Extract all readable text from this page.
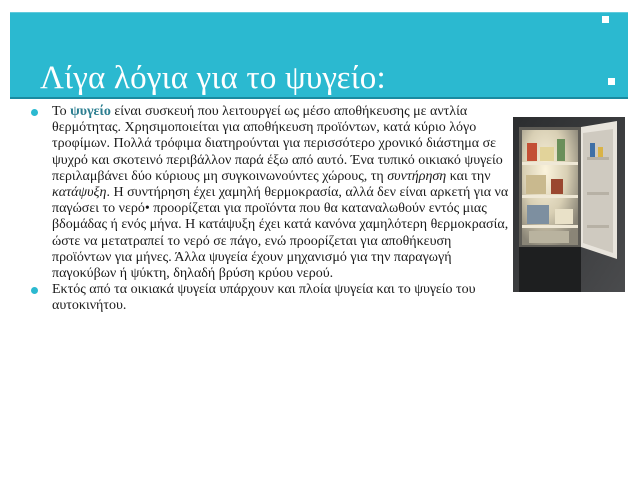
Λίγα λόγια για το ψυγείο:
Το ψυγείο είναι συσκευή που λειτουργεί ως μέσο αποθήκευσης με αντλία θερμότητας. Χρησιμοποιείται για αποθήκευση προϊόντων, κατά κύριο λόγο τροφίμων. Πολλά τρόφιμα διατηρούνται για περισσότερο χρονικό διάστημα σε ψυχρό και σκοτεινό περιβάλλον παρά έξω από αυτό. Ένα τυπικό οικιακό ψυγείο περιλαμβάνει δύο κύριους μη συγκοινωνούντες χώρους, τη συντήρηση και την κατάψυξη. Η συντήρηση έχει χαμηλή θερμοκρασία, αλλά δεν είναι αρκετή για να παγώσει το νερό• προορίζεται για προϊόντα που θα καταναλωθούν εντός μιας βδομάδας ή ενός μήνα. Η κατάψυξη έχει κατά κανόνα χαμηλότερη θερμοκρασία, ώστε να μετατραπεί το νερό σε πάγο, ενώ προορίζεται για αποθήκευση προϊόντων για μήνες. Άλλα ψυγεία έχουν μηχανισμό για την παραγωγή παγοκύβων ή ψύκτη, δηλαδή βρύση κρύου νερού.
Εκτός από τα οικιακά ψυγεία υπάρχουν και πλοία ψυγεία και το ψυγείο του αυτοκινήτου.
